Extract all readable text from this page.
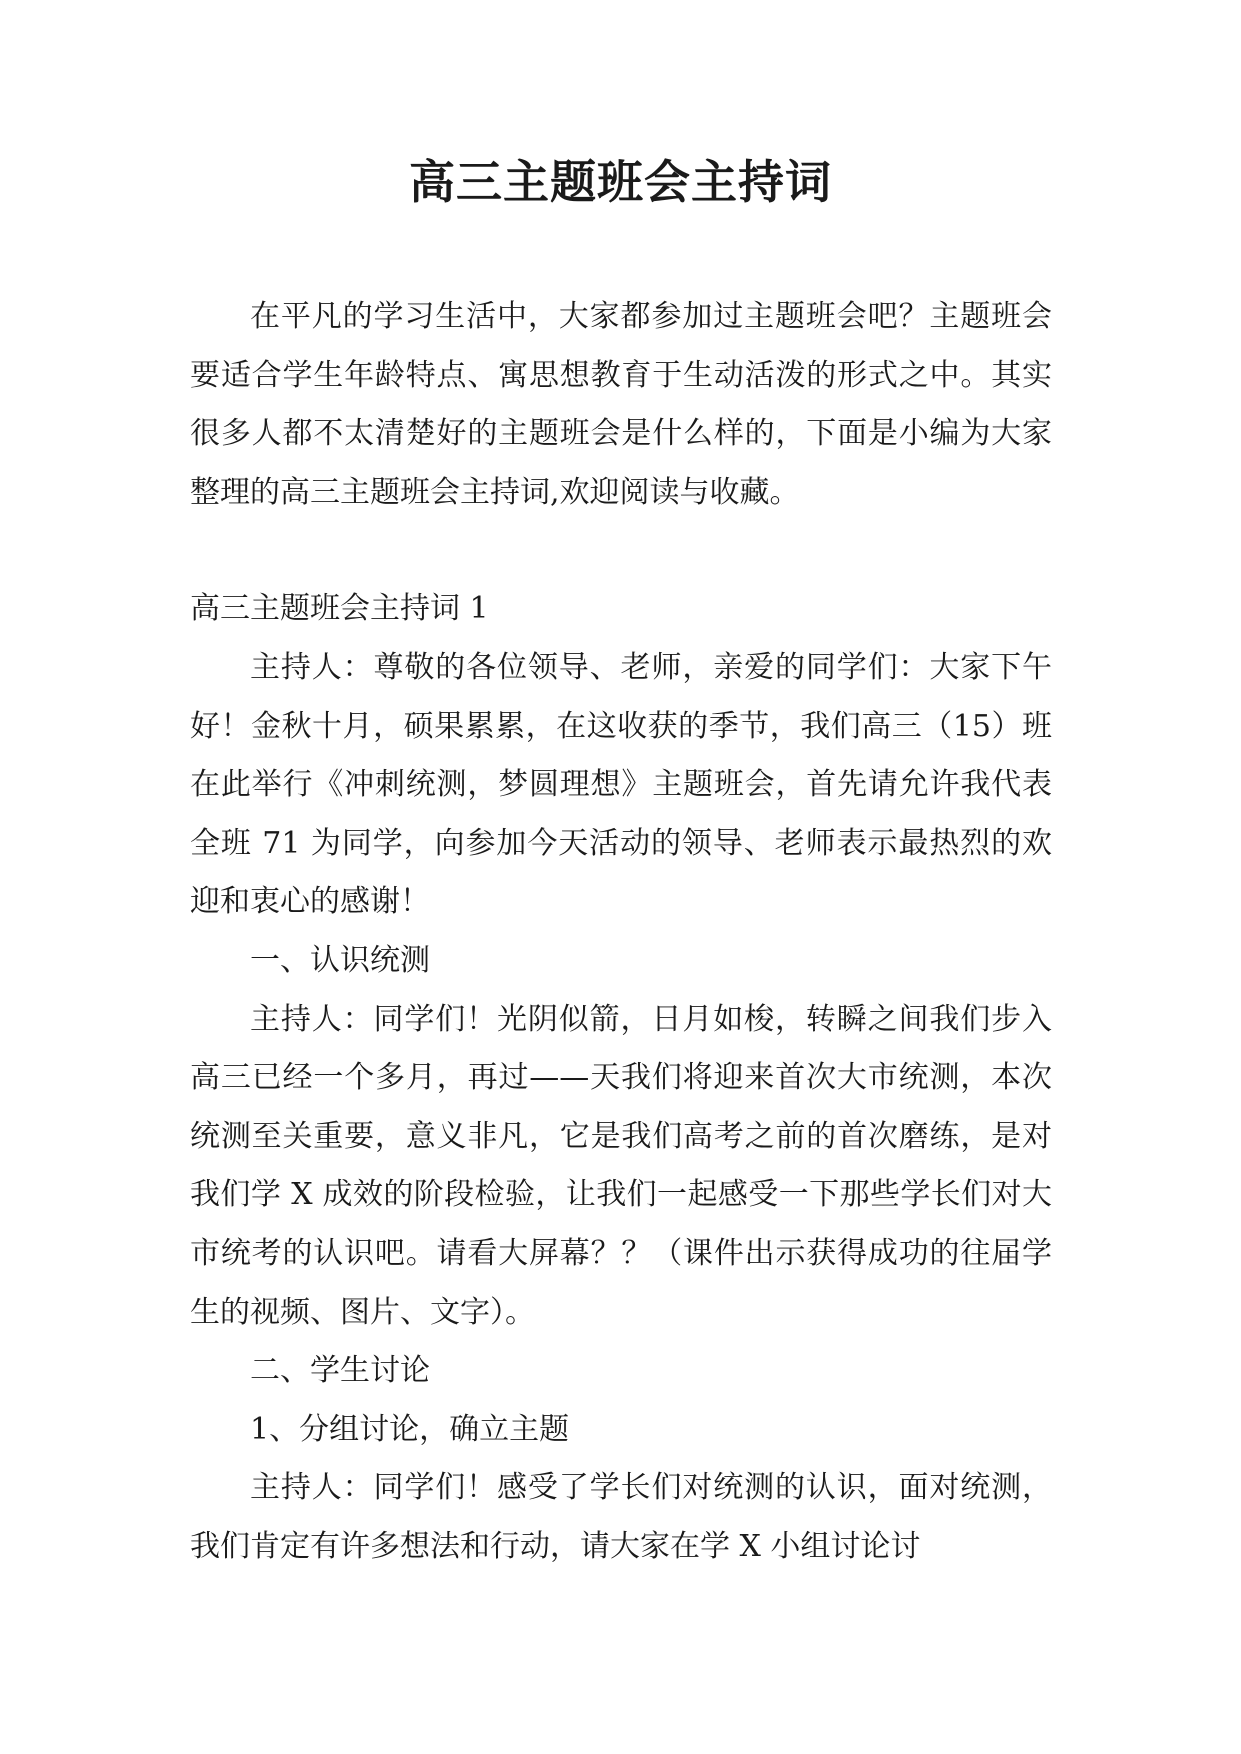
高三主题班会主持词

在平凡的学习生活中，大家都参加过主题班会吧？主题班会要适合学生年龄特点、寓思想教育于生动活泼的形式之中。其实很多人都不太清楚好的主题班会是什么样的，下面是小编为大家整理的高三主题班会主持词,欢迎阅读与收藏。

高三主题班会主持词 1

主持人：尊敬的各位领导、老师，亲爱的同学们：大家下午好！金秋十月，硕果累累，在这收获的季节，我们高三（15）班在此举行《冲刺统测，梦圆理想》主题班会，首先请允许我代表全班 71 为同学，向参加今天活动的领导、老师表示最热烈的欢迎和衷心的感谢！

一、认识统测

主持人：同学们！光阴似箭，日月如梭，转瞬之间我们步入高三已经一个多月，再过——天我们将迎来首次大市统测，本次统测至关重要，意义非凡，它是我们高考之前的首次磨练，是对我们学 X 成效的阶段检验，让我们一起感受一下那些学长们对大市统考的认识吧。请看大屏幕？？（课件出示获得成功的往届学生的视频、图片、文字）。

二、学生讨论

1、分组讨论，确立主题

主持人：同学们！感受了学长们对统测的认识，面对统测，我们肯定有许多想法和行动，请大家在学 X 小组讨论讨
